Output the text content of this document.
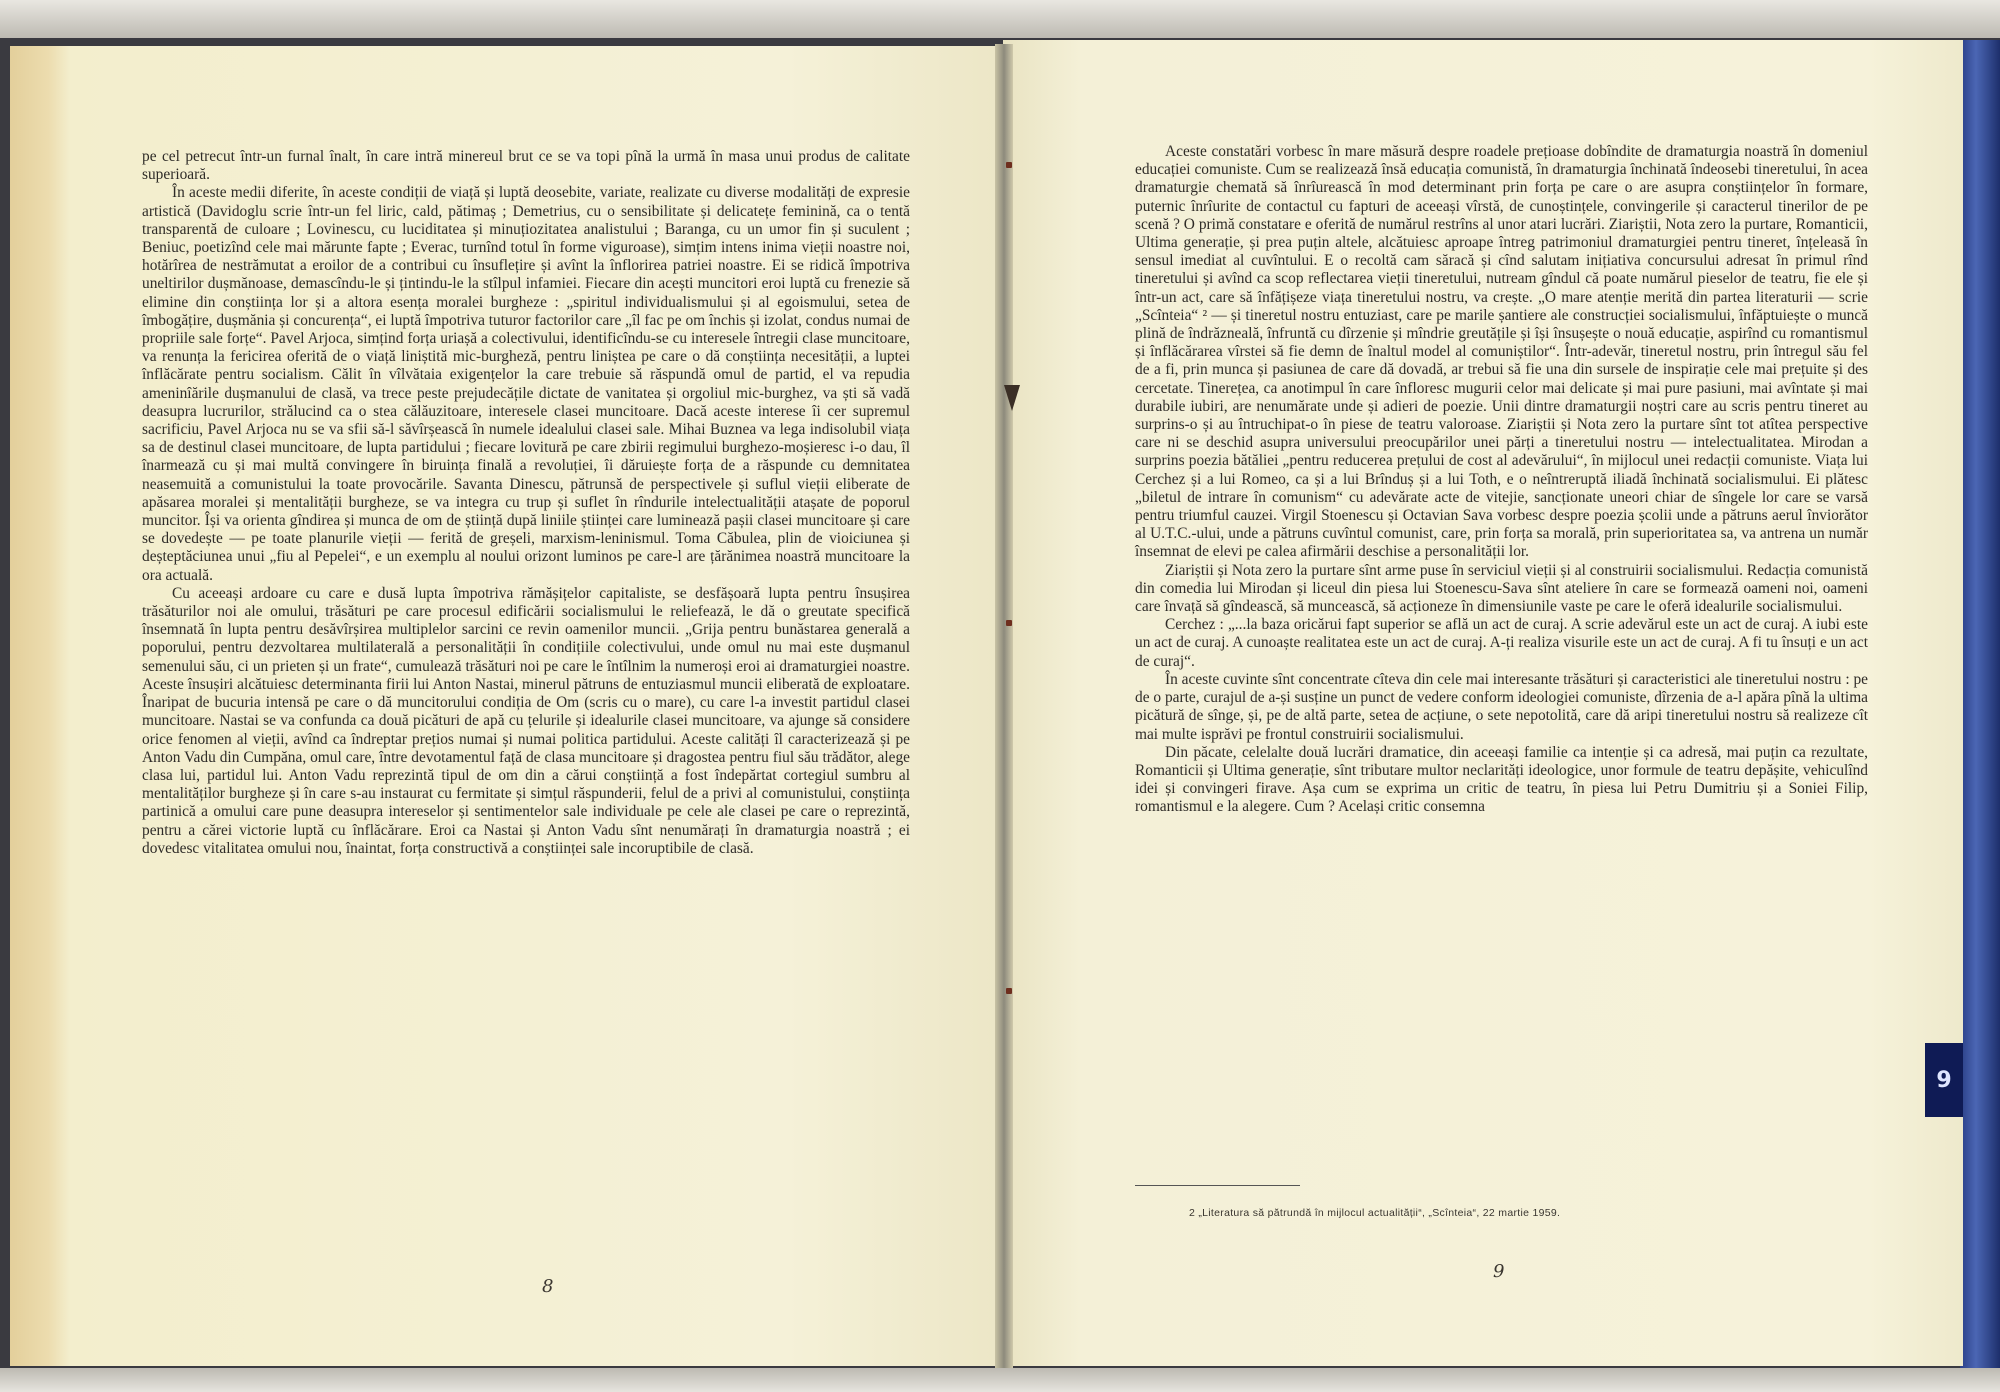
pe cel petrecut într-un furnal înalt, în care intră minereul brut ce se va topi pînă la urmă în masa unui produs de calitate superioară.

În aceste medii diferite, în aceste condiții de viață și luptă deosebite, variate, realizate cu diverse modalități de expresie artistică (Davidoglu scrie într-un fel liric, cald, pătimaș ; Demetrius, cu o sensibilitate și delicatețe feminină, ca o tentă transparentă de culoare ; Lovinescu, cu luciditatea și minuțiozitatea analistului ; Baranga, cu un umor fin și suculent ; Beniuc, poetizînd cele mai mărunte fapte ; Everac, turnînd totul în forme viguroase), simțim intens inima vieții noastre noi, hotărîrea de nestrămutat a eroilor de a contribui cu însuflețire și avînt la înflorirea patriei noastre. Ei se ridică împotriva uneltirilor dușmănoase, demascîndu-le și țintindu-le la stîlpul infamiei. Fiecare din acești muncitori eroi luptă cu frenezie să elimine din conștiința lor și a altora esența moralei burgheze : „spiritul individualismului și al egoismului, setea de îmbogățire, dușmănia și concurența“, ei luptă împotriva tuturor factorilor care „îl fac pe om închis și izolat, condus numai de propriile sale forțe“. Pavel Arjoca, simțind forța uriașă a colectivului, identificîndu-se cu interesele întregii clase muncitoare, va renunța la fericirea oferită de o viață liniștită mic-burgheză, pentru liniștea pe care o dă conștiința necesității, a luptei înflăcărate pentru socialism. Călit în vîlvătaia exigențelor la care trebuie să răspundă omul de partid, el va repudia ameninîările dușmanului de clasă, va trece peste prejudecățile dictate de vanitatea și orgoliul mic-burghez, va ști să vadă deasupra lucrurilor, strălucind ca o stea călăuzitoare, interesele clasei muncitoare. Dacă aceste interese îi cer supremul sacrificiu, Pavel Arjoca nu se va sfii să-l săvîrșească în numele idealului clasei sale. Mihai Buznea va lega indisolubil viața sa de destinul clasei muncitoare, de lupta partidului ; fiecare lovitură pe care zbirii regimului burghezo-moșieresc i-o dau, îl înarmează cu și mai multă convingere în biruința finală a revoluției, îi dăruiește forța de a răspunde cu demnitatea neasemuită a comunistului la toate provocările. Savanta Dinescu, pătrunsă de perspectivele și suflul vieții eliberate de apăsarea moralei și mentalității burgheze, se va integra cu trup și suflet în rîndurile intelectualității atașate de poporul muncitor. Își va orienta gîndirea și munca de om de știință după liniile științei care luminează pașii clasei muncitoare și care se dovedește — pe toate planurile vieții — ferită de greșeli, marxism-leninismul. Toma Căbulea, plin de vioiciunea și deșteptăciunea unui „fiu al Pepelei“, e un exemplu al noului orizont luminos pe care-l are țărănimea noastră muncitoare la ora actuală.

Cu aceeași ardoare cu care e dusă lupta împotriva rămășițelor capitaliste, se desfășoară lupta pentru însușirea trăsăturilor noi ale omului, trăsături pe care procesul edificării socialismului le reliefează, le dă o greutate specifică însemnată în lupta pentru desăvîrșirea multiplelor sarcini ce revin oamenilor muncii. „Grija pentru bunăstarea generală a poporului, pentru dezvoltarea multilaterală a personalității în condițiile colectivului, unde omul nu mai este dușmanul semenului său, ci un prieten și un frate“, cumulează trăsături noi pe care le întîlnim la numeroși eroi ai dramaturgiei noastre. Aceste însușiri alcătuiesc determinanta firii lui Anton Nastai, minerul pătruns de entuziasmul muncii eliberată de exploatare. Înaripat de bucuria intensă pe care o dă muncitorului condiția de Om (scris cu o mare), cu care l-a investit partidul clasei muncitoare. Nastai se va confunda ca două picături de apă cu țelurile și idealurile clasei muncitoare, va ajunge să considere orice fenomen al vieții, avînd ca îndreptar prețios numai și numai politica partidului. Aceste calități îl caracterizează și pe Anton Vadu din Cumpăna, omul care, între devotamentul față de clasa muncitoare și dragostea pentru fiul său trădător, alege clasa lui, partidul lui. Anton Vadu reprezintă tipul de om din a cărui conștiință a fost îndepărtat cortegiul sumbru al mentalităților burgheze și în care s-au instaurat cu fermitate și simțul răspunderii, felul de a privi al comunistului, conștiința partinică a omului care pune deasupra intereselor și sentimentelor sale individuale pe cele ale clasei pe care o reprezintă, pentru a cărei victorie luptă cu înflăcărare. Eroi ca Nastai și Anton Vadu sînt nenumărați în dramaturgia noastră ; ei dovedesc vitalitatea omului nou, înaintat, forța constructivă a conștiinței sale incoruptibile de clasă.

8

Aceste constatări vorbesc în mare măsură despre roadele prețioase dobîndite de dramaturgia noastră în domeniul educației comuniste. Cum se realizează însă educația comunistă, în dramaturgia închinată îndeosebi tineretului, în acea dramaturgie chemată să înrîurească în mod determinant prin forța pe care o are asupra conștiințelor în formare, puternic înrîurite de contactul cu fapturi de aceeași vîrstă, de cunoștințele, convingerile și caracterul tinerilor de pe scenă ? O primă constatare e oferită de numărul restrîns al unor atari lucrări. Ziariștii, Nota zero la purtare, Romanticii, Ultima generație, și prea puțin altele, alcătuiesc aproape întreg patrimoniul dramaturgiei pentru tineret, înțeleasă în sensul imediat al cuvîntului. E o recoltă cam săracă și cînd salutam inițiativa concursului adresat în primul rînd tineretului și avînd ca scop reflectarea vieții tineretului, nutream gîndul că poate numărul pieselor de teatru, fie ele și într-un act, care să înfățișeze viața tineretului nostru, va crește. „O mare atenție merită din partea literaturii — scrie „Scînteia“ ² — și tineretul nostru entuziast, care pe marile șantiere ale construcției socialismului, înfăptuiește o muncă plină de îndrăzneală, înfruntă cu dîrzenie și mîndrie greutățile și își însușește o nouă educație, aspirînd cu romantismul și înflăcărarea vîrstei să fie demn de înaltul model al comuniștilor“. Într-adevăr, tineretul nostru, prin întregul său fel de a fi, prin munca și pasiunea de care dă dovadă, ar trebui să fie una din sursele de inspirație cele mai prețuite și des cercetate. Tinerețea, ca anotimpul în care înfloresc mugurii celor mai delicate și mai pure pasiuni, mai avîntate și mai durabile iubiri, are nenumărate unde și adieri de poezie. Unii dintre dramaturgii noștri care au scris pentru tineret au surprins-o și au întruchipat-o în piese de teatru valoroase. Ziariștii și Nota zero la purtare sînt tot atîtea perspective care ni se deschid asupra universului preocupărilor unei părți a tineretului nostru — intelectualitatea. Mirodan a surprins poezia bătăliei „pentru reducerea prețului de cost al adevărului“, în mijlocul unei redacții comuniste. Viața lui Cerchez și a lui Romeo, ca și a lui Brînduș și a lui Toth, e o neîntreruptă iliadă închinată socialismului. Ei plătesc „biletul de intrare în comunism“ cu adevărate acte de vitejie, sancționate uneori chiar de sîngele lor care se varsă pentru triumful cauzei. Virgil Stoenescu și Octavian Sava vorbesc despre poezia școlii unde a pătruns aerul înviorător al U.T.C.-ului, unde a pătruns cuvîntul comunist, care, prin forța sa morală, prin superioritatea sa, va antrena un număr însemnat de elevi pe calea afirmării deschise a personalității lor.

Ziariștii și Nota zero la purtare sînt arme puse în serviciul vieții și al construirii socialismului. Redacția comunistă din comedia lui Mirodan și liceul din piesa lui Stoenescu-Sava sînt ateliere în care se formează oameni noi, oameni care învață să gîndească, să muncească, să acționeze în dimensiunile vaste pe care le oferă idealurile socialismului.

Cerchez : „...la baza oricărui fapt superior se află un act de curaj. A scrie adevărul este un act de curaj. A iubi este un act de curaj. A cunoaște realitatea este un act de curaj. A-ți realiza visurile este un act de curaj. A fi tu însuți e un act de curaj“.

În aceste cuvinte sînt concentrate cîteva din cele mai interesante trăsături și caracteristici ale tineretului nostru : pe de o parte, curajul de a-și susține un punct de vedere conform ideologiei comuniste, dîrzenia de a-l apăra pînă la ultima picătură de sînge, și, pe de altă parte, setea de acțiune, o sete nepotolită, care dă aripi tineretului nostru să realizeze cît mai multe isprăvi pe frontul construirii socialismului.

Din păcate, celelalte două lucrări dramatice, din aceeași familie ca intenție și ca adresă, mai puțin ca rezultate, Romanticii și Ultima generație, sînt tributare multor neclarități ideologice, unor formule de teatru depășite, vehiculînd idei și convingeri firave. Așa cum se exprima un critic de teatru, în piesa lui Petru Dumitriu și a Soniei Filip, romantismul e la alegere. Cum ? Același critic consemna

2 „Literatura să pătrundă în mijlocul actualității“, „Scînteia“, 22 martie 1959.
9
9
